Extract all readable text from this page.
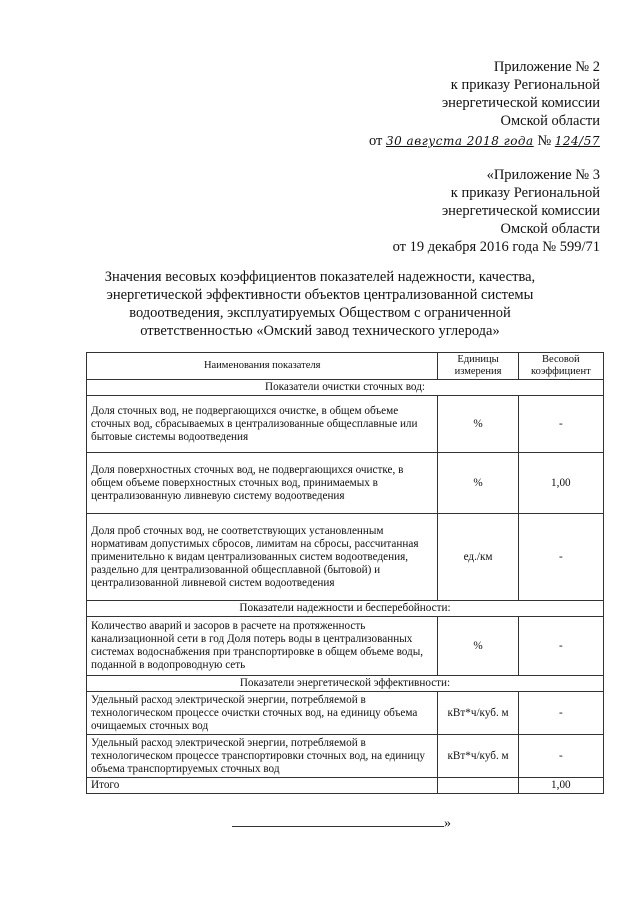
Приложение № 2
к приказу Региональной
энергетической комиссии
Омской области
от 30 августа 2018 года № 124/57
«Приложение № 3
к приказу Региональной
энергетической комиссии
Омской области
от 19 декабря 2016 года № 599/71
Значения весовых коэффициентов показателей надежности, качества, энергетической эффективности объектов централизованной системы водоотведения, эксплуатируемых Обществом с ограниченной ответственностью «Омский завод технического углерода»
Наименования показателя	Единицы измерения	Весовой коэффициент
Показатели очистки сточных вод:		
Доля сточных вод, не подвергающихся очистке, в общем объеме сточных вод, сбрасываемых в централизованные общесплавные или бытовые системы водоотведения	%	-
Доля поверхностных сточных вод, не подвергающихся очистке, в общем объеме поверхностных сточных вод, принимаемых в централизованную ливневую систему водоотведения	%	1,00
Доля проб сточных вод, не соответствующих установленным нормативам допустимых сбросов, лимитам на сбросы, рассчитанная применительно к видам централизованных систем водоотведения, раздельно для централизованной общесплавной (бытовой) и централизованной ливневой систем водоотведения	ед./км	-
Показатели надежности и бесперебойности:		
Количество аварий и засоров в расчете на протяженность канализационной сети в год Доля потерь воды в централизованных системах водоснабжения при транспортировке в общем объеме воды, поданной в водопроводную сеть	%	-
Показатели энергетической эффективности:		
Удельный расход электрической энергии, потребляемой в технологическом процессе очистки сточных вод, на единицу объема очищаемых сточных вод	кВт*ч/куб. м	-
Удельный расход электрической энергии, потребляемой в технологическом процессе транспортировки сточных вод, на единицу объема транспортируемых сточных вод	кВт*ч/куб. м	-
Итого		1,00
»
